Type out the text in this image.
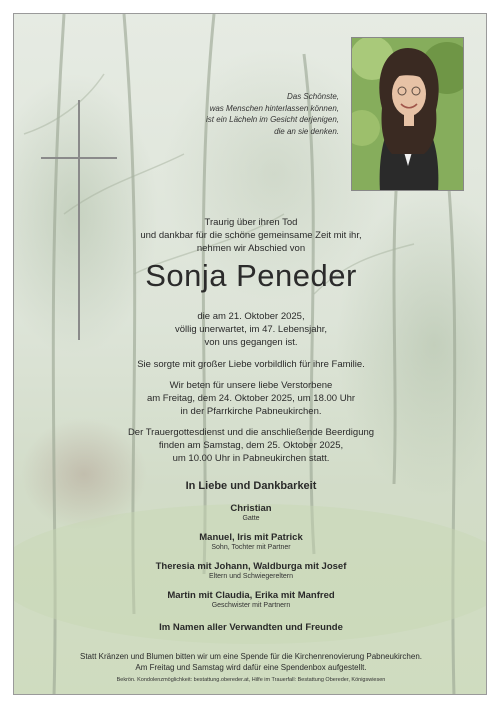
Das Schönste,
was Menschen hinterlassen können,
ist ein Lächeln im Gesicht derjenigen,
die an sie denken.
Traurig über ihren Tod
und dankbar für die schöne gemeinsame Zeit mit ihr,
nehmen wir Abschied von
Sonja Peneder
die am 21. Oktober 2025,
völlig unerwartet, im 47. Lebensjahr,
von uns gegangen ist.
Sie sorgte mit großer Liebe vorbildlich für ihre Familie.
Wir beten für unsere liebe Verstorbene
am Freitag, dem 24. Oktober 2025, um 18.00 Uhr
in der Pfarrkirche Pabneukirchen.
Der Trauergottesdienst und die anschließende Beerdigung
finden am Samstag, dem 25. Oktober 2025,
um 10.00 Uhr in Pabneukirchen statt.
In Liebe und Dankbarkeit
Christian
Gatte
Manuel, Iris mit Patrick
Sohn, Tochter mit Partner
Theresia mit Johann, Waldburga mit Josef
Eltern und Schwiegereltern
Martin mit Claudia, Erika mit Manfred
Geschwister mit Partnern
Im Namen aller Verwandten und Freunde
Statt Kränzen und Blumen bitten wir um eine Spende für die Kirchenrenovierung Pabneukirchen.
Am Freitag und Samstag wird dafür eine Spendenbox aufgestellt.
Bekrön. Kondolenzmöglichkeit: bestattung.obereder.at, Hilfe im Trauerfall: Bestattung Obereder, Königswiesen
